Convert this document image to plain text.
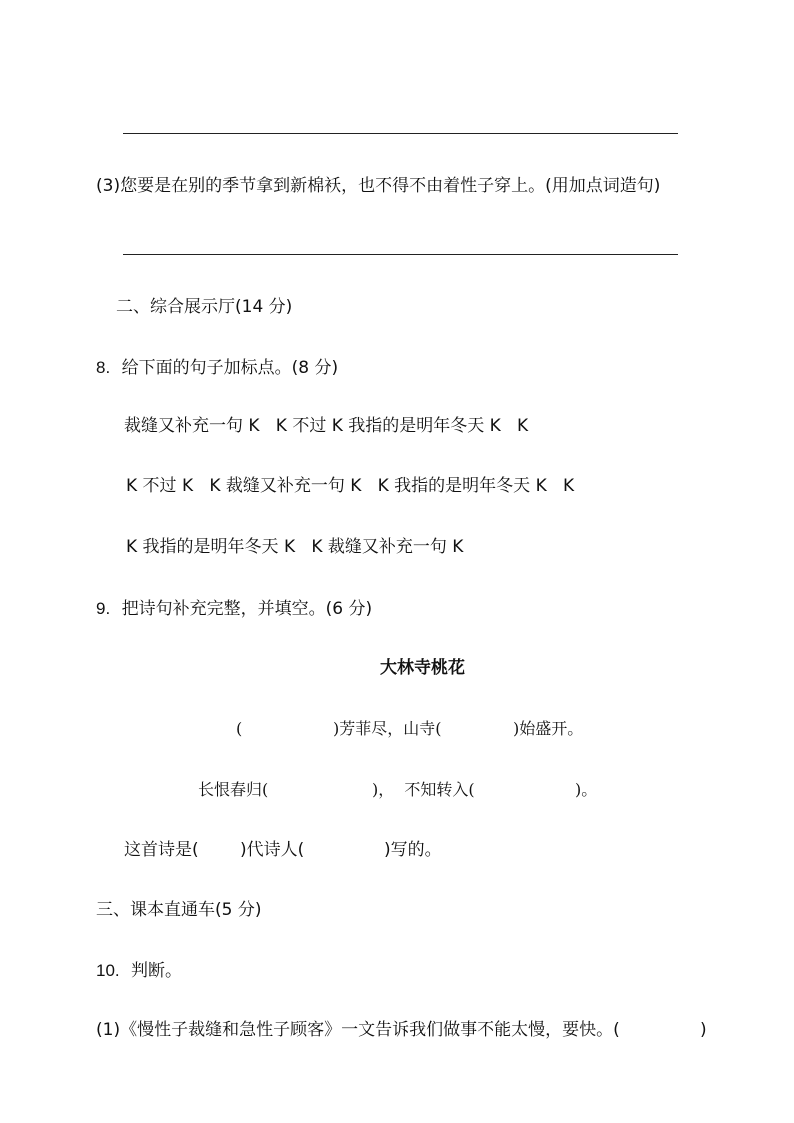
(3)您要是在别的季节拿到新棉袄，也不得不由着性子穿上。(用加点词造句)
二、综合展示厅(14 分)
8. 给下面的句子加标点。(8 分)
裁缝又补充一句 K   K 不过 K 我指的是明年冬天 K   K
K 不过 K   K 裁缝又补充一句 K   K 我指的是明年冬天 K   K
K 我指的是明年冬天 K   K 裁缝又补充一句 K
9. 把诗句补充完整，并填空。(6 分)
大林寺桃花
(	)芳菲尽，山寺(	)始盛开。
长恨春归(	)，  不知转入(	)。
这首诗是( )代诗人(	)写的。
三、课本直通车(5 分)
10. 判断。
(1)《慢性子裁缝和急性子顾客》一文告诉我们做事不能太慢，要快。(	)
